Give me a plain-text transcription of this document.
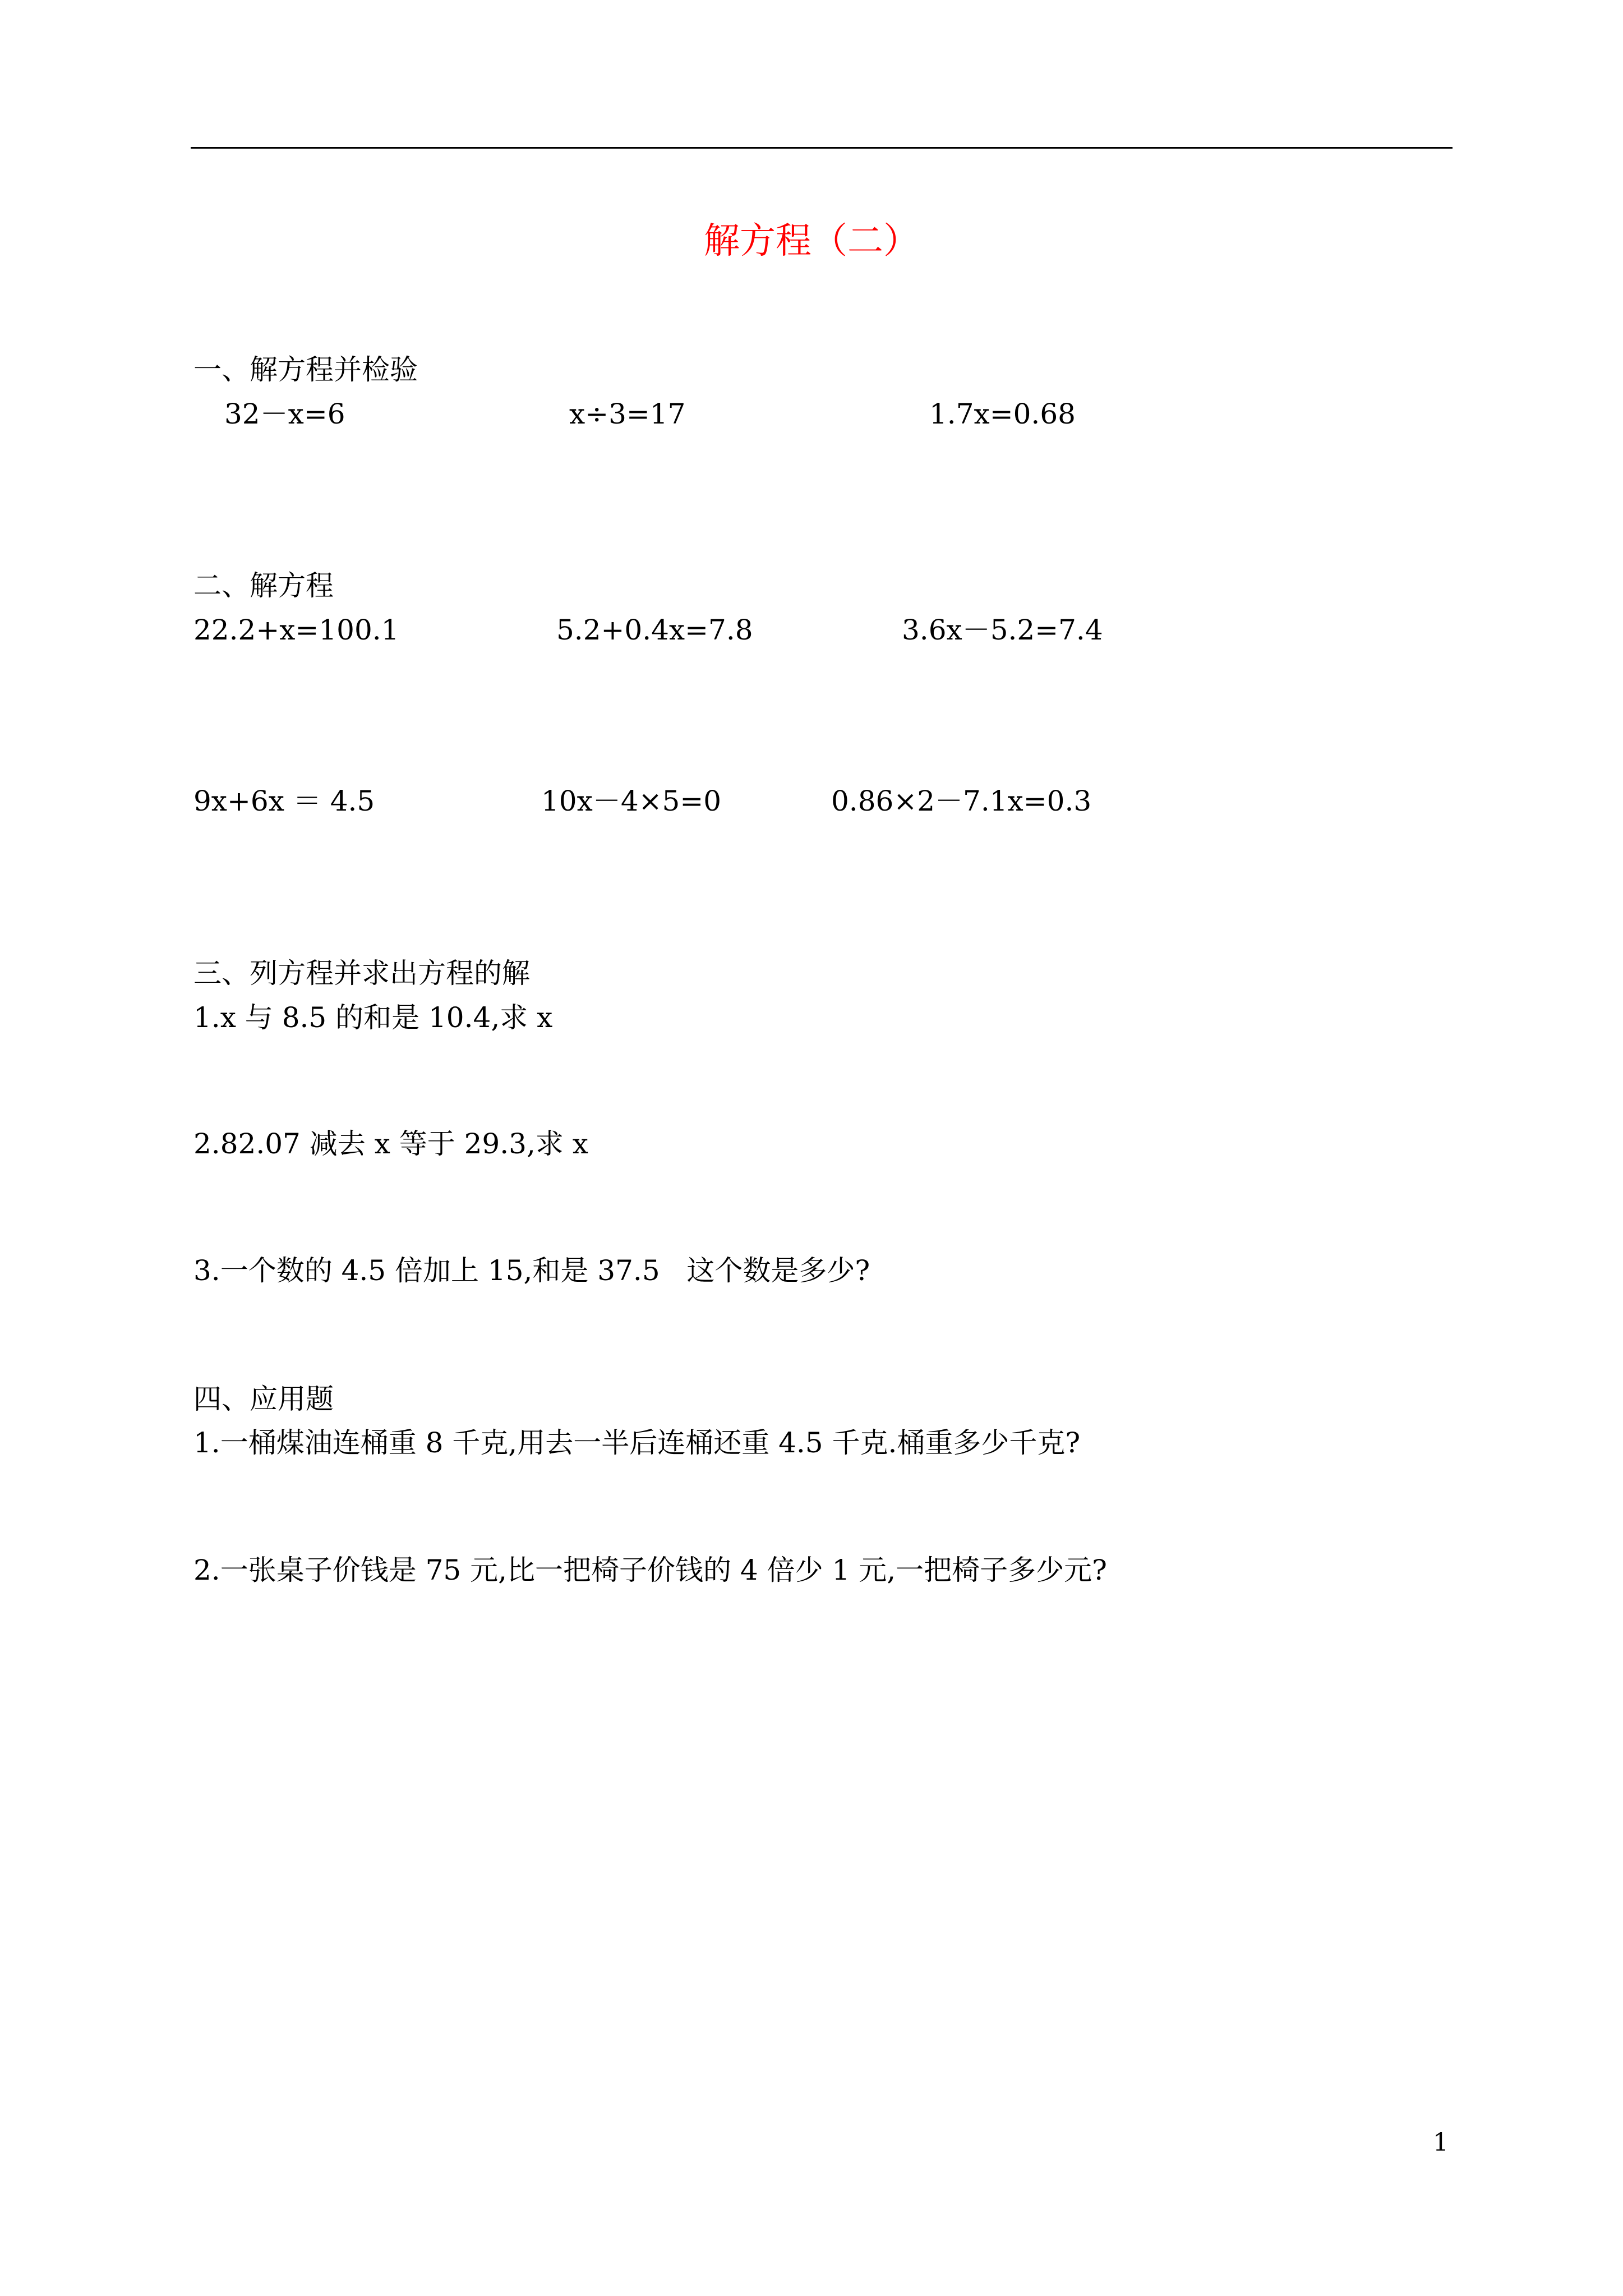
解方程（二）
一、解方程并检验
32－x=6	x÷3=17	1.7x=0.68
二、解方程
22.2+x=100.1	5.2+0.4x=7.8	3.6x－5.2=7.4
9x+6x ＝ 4.5	10x－4×5=0	0.86×2－7.1x=0.3
三、列方程并求出方程的解
1.x 与 8.5 的和是 10.4,求 x
2.82.07 减去 x 等于 29.3,求 x
3.一个数的 4.5 倍加上 15,和是 37.5   这个数是多少?
四、应用题
1.一桶煤油连桶重 8 千克,用去一半后连桶还重 4.5 千克.桶重多少千克?
2.一张桌子价钱是 75 元,比一把椅子价钱的 4 倍少 1 元,一把椅子多少元?
1
